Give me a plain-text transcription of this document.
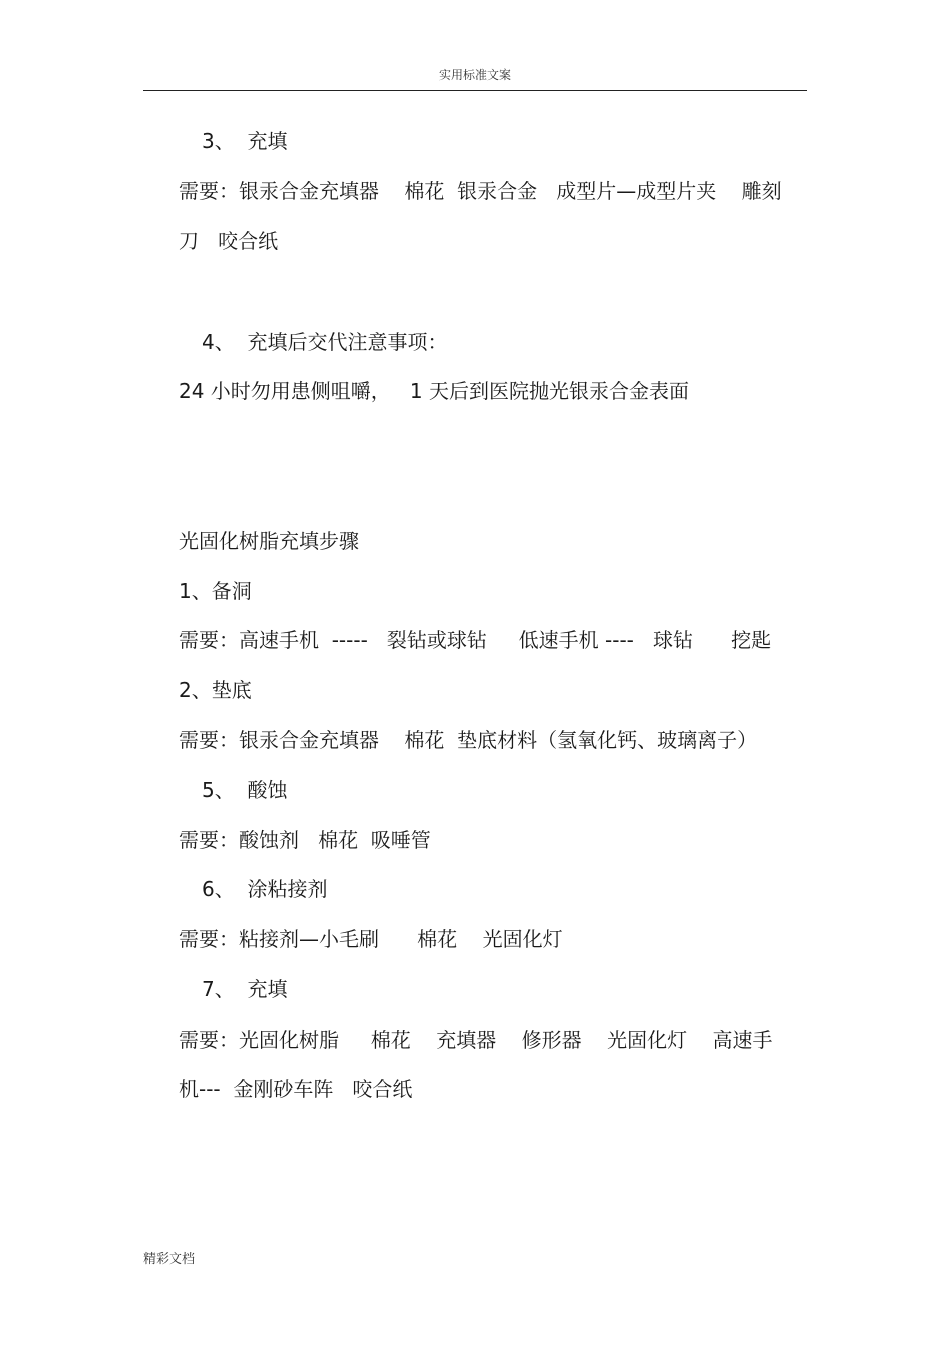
实用标准文案
3、  充填
需要：银汞合金充填器    棉花  银汞合金   成型片—成型片夹    雕刻
刀   咬合纸
4、  充填后交代注意事项：
24 小时勿用患侧咀嚼，   1 天后到医院抛光银汞合金表面
光固化树脂充填步骤
1、备洞
需要：高速手机  -----   裂钻或球钻     低速手机 ----   球钻      挖匙
2、垫底
需要：银汞合金充填器    棉花  垫底材料（氢氧化钙、玻璃离子）
5、  酸蚀
需要：酸蚀剂   棉花  吸唾管
6、  涂粘接剂
需要：粘接剂—小毛刷      棉花    光固化灯
7、  充填
需要：光固化树脂     棉花    充填器    修形器    光固化灯    高速手
机---  金刚砂车阵   咬合纸
精彩文档
